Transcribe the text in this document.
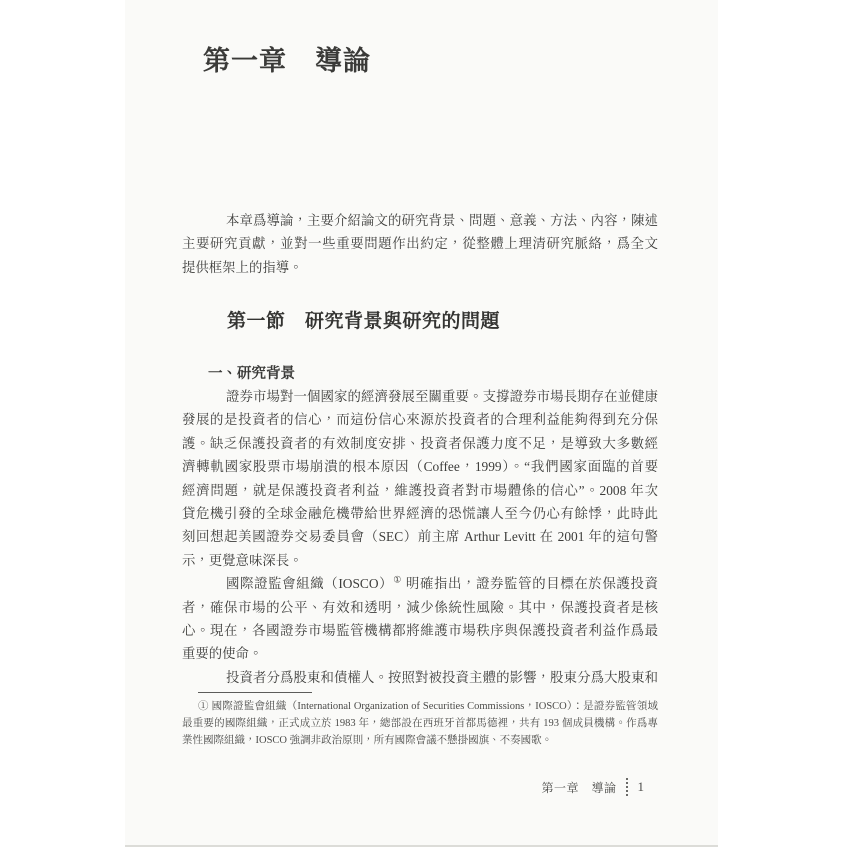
第一章　導論
本章爲導論，主要介紹論文的研究背景、問題、意義、方法、內容，陳述
主要研究貢獻，並對一些重要問題作出約定，從整體上理清研究脈絡，爲全文
提供框架上的指導。
第一節　研究背景與研究的問題
一、研究背景
證券市場對一個國家的經濟發展至關重要。支撐證券市場長期存在並健康
發展的是投資者的信心，而這份信心來源於投資者的合理利益能夠得到充分保
護。缺乏保護投資者的有效制度安排、投資者保護力度不足，是導致大多數經
濟轉軌國家股票市場崩潰的根本原因（Coffee，1999）。“我們國家面臨的首要
經濟問題，就是保護投資者利益，維護投資者對市場體係的信心”。2008 年次
貸危機引發的全球金融危機帶給世界經濟的恐慌讓人至今仍心有餘悸，此時此
刻回想起美國證券交易委員會（SEC）前主席 Arthur Levitt 在 2001 年的這句警
示，更覺意味深長。
國際證監會組織（IOSCO）① 明確指出，證券監管的目標在於保護投資
者，確保市場的公平、有效和透明，減少係統性風險。其中，保護投資者是核
心。現在，各國證券市場監管機構都將維護市場秩序與保護投資者利益作爲最
重要的使命。
投資者分爲股東和債權人。按照對被投資主體的影響，股東分爲大股東和
① 國際證監會組織（International Organization of Securities Commissions，IOSCO）：是證券監管領域最重要的國際組織，正式成立於 1983 年，總部設在西班牙首都馬德裡，共有 193 個成員機構。作爲專業性國際組織，IOSCO 強調非政治原則，所有國際會議不懸掛國旗、不奏國歌。
第一章　導論 1
